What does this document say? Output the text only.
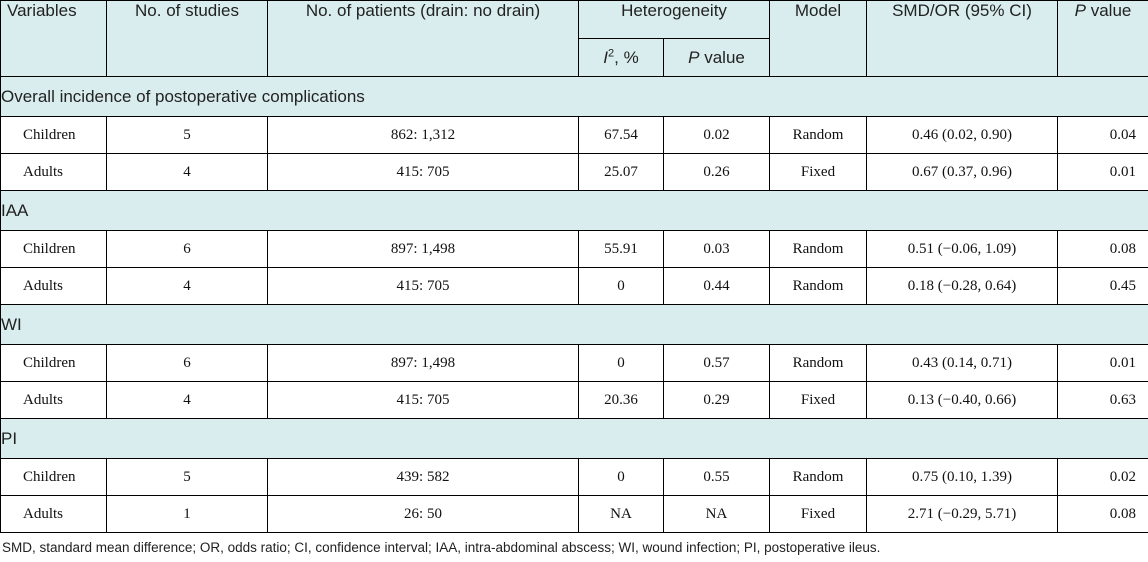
Variables	No. of studies	No. of patients (drain: no drain)	Heterogeneity		Model	SMD/OR (95% CI)	P value
			$I^2$, %	P value			
Overall incidence of postoperative complications							
Children	5	862: 1,312	67.54	0.02	Random	0.46 (0.02, 0.90)	0.04
Adults	4	415: 705	25.07	0.26	Fixed	0.67 (0.37, 0.96)	0.01
IAA							
Children	6	897: 1,498	55.91	0.03	Random	0.51 (−0.06, 1.09)	0.08
Adults	4	415: 705	0	0.44	Random	0.18 (−0.28, 0.64)	0.45
WI							
Children	6	897: 1,498	0	0.57	Random	0.43 (0.14, 0.71)	0.01
Adults	4	415: 705	20.36	0.29	Fixed	0.13 (−0.40, 0.66)	0.63
PI							
Children	5	439: 582	0	0.55	Random	0.75 (0.10, 1.39)	0.02
Adults	1	26: 50	NA	NA	Fixed	2.71 (−0.29, 5.71)	0.08
SMD, standard mean difference; OR, odds ratio; CI, confidence interval; IAA, intra-abdominal abscess; WI, wound infection; PI, postoperative ileus.
